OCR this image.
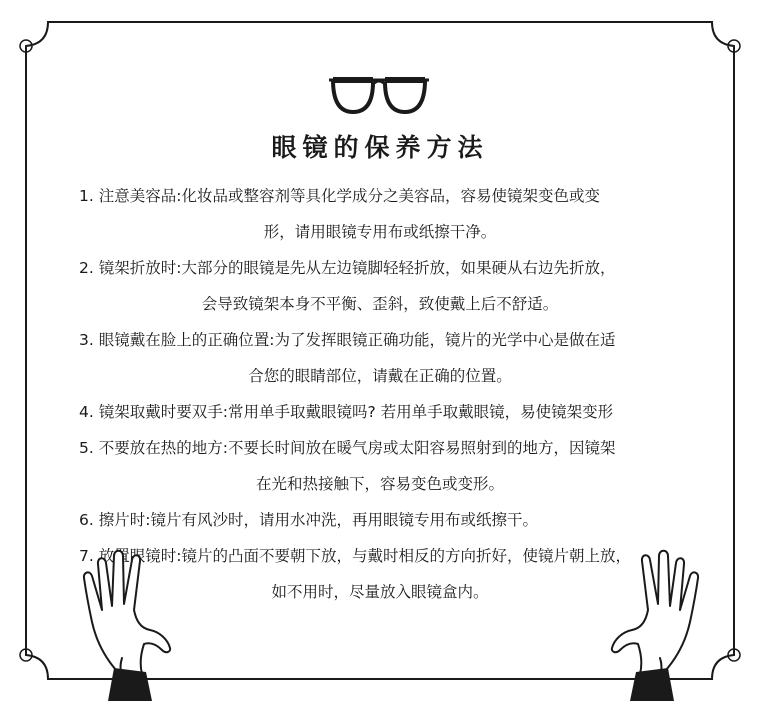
眼镜的保养方法
1. 注意美容品:化妆品或整容剂等具化学成分之美容品，容易使镜架变色或变
形，请用眼镜专用布或纸擦干净。
2. 镜架折放时:大部分的眼镜是先从左边镜脚轻轻折放，如果硬从右边先折放，
会导致镜架本身不平衡、歪斜，致使戴上后不舒适。
3. 眼镜戴在脸上的正确位置:为了发挥眼镜正确功能，镜片的光学中心是做在适
合您的眼睛部位，请戴在正确的位置。
4. 镜架取戴时要双手:常用单手取戴眼镜吗? 若用单手取戴眼镜，易使镜架变形
5. 不要放在热的地方:不要长时间放在暖气房或太阳容易照射到的地方，因镜架
在光和热接触下，容易变色或变形。
6. 擦片时:镜片有风沙时，请用水冲洗，再用眼镜专用布或纸擦干。
7. 放置眼镜时:镜片的凸面不要朝下放，与戴时相反的方向折好，使镜片朝上放，
如不用时，尽量放入眼镜盒内。
